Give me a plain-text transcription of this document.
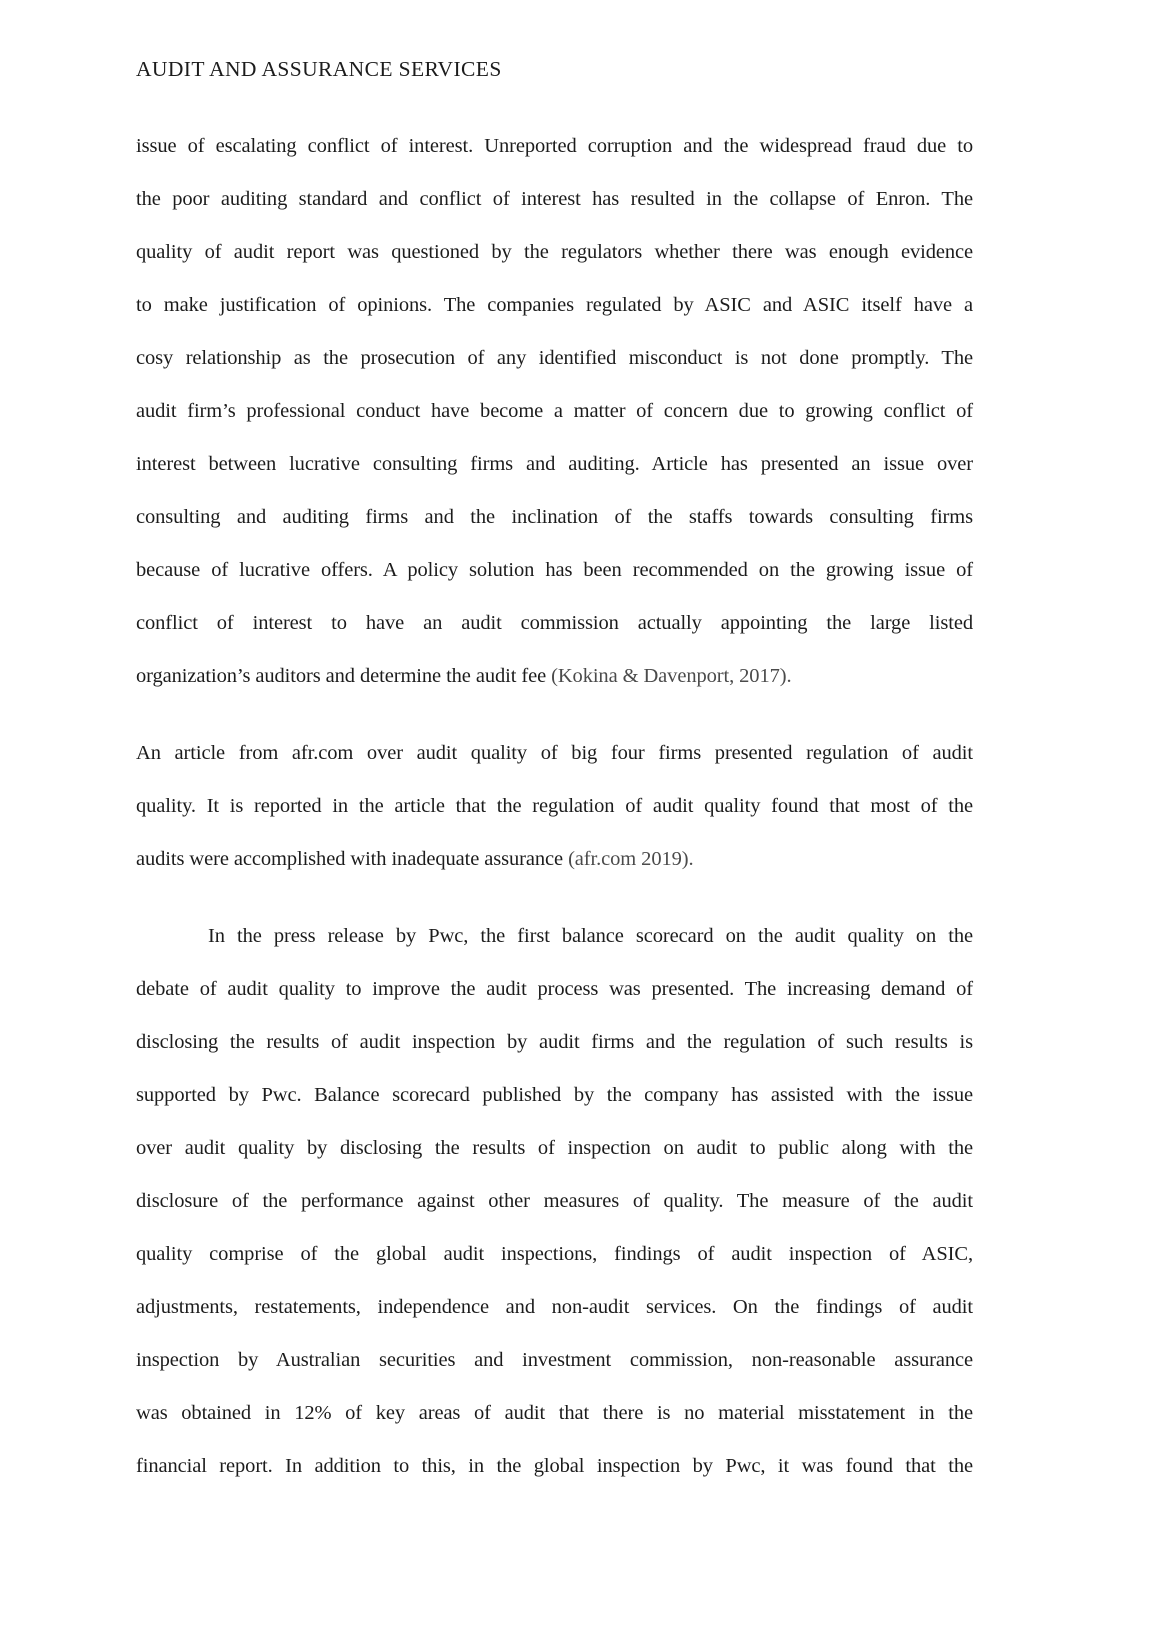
AUDIT AND ASSURANCE SERVICES
issue of escalating conflict of interest. Unreported corruption and the widespread fraud due to
the poor auditing standard and conflict of interest has resulted in the collapse of Enron. The
quality of audit report was questioned by the regulators whether there was enough evidence
to make justification of opinions. The companies regulated by ASIC and ASIC itself have a
cosy relationship as the prosecution of any identified misconduct is not done promptly. The
audit firm’s professional conduct have become a matter of concern due to growing conflict of
interest between lucrative consulting firms and auditing. Article has presented an issue over
consulting and auditing firms and the inclination of the staffs towards consulting firms
because of lucrative offers. A policy solution has been recommended on the growing issue of
conflict of interest to have an audit commission actually appointing the large listed
organization’s auditors and determine the audit fee (Kokina & Davenport, 2017).
An article from afr.com over audit quality of big four firms presented regulation of audit
quality. It is reported in the article that the regulation of audit quality found that most of the
audits were accomplished with inadequate assurance (afr.com 2019).
In the press release by Pwc, the first balance scorecard on the audit quality on the
debate of audit quality to improve the audit process was presented. The increasing demand of
disclosing the results of audit inspection by audit firms and the regulation of such results is
supported by Pwc. Balance scorecard published by the company has assisted with the issue
over audit quality by disclosing the results of inspection on audit to public along with the
disclosure of the performance against other measures of quality. The measure of the audit
quality comprise of the global audit inspections, findings of audit inspection of ASIC,
adjustments, restatements, independence and non-audit services. On the findings of audit
inspection by Australian securities and investment commission, non-reasonable assurance
was obtained in 12% of key areas of audit that there is no material misstatement in the
financial report. In addition to this, in the global inspection by Pwc, it was found that the
